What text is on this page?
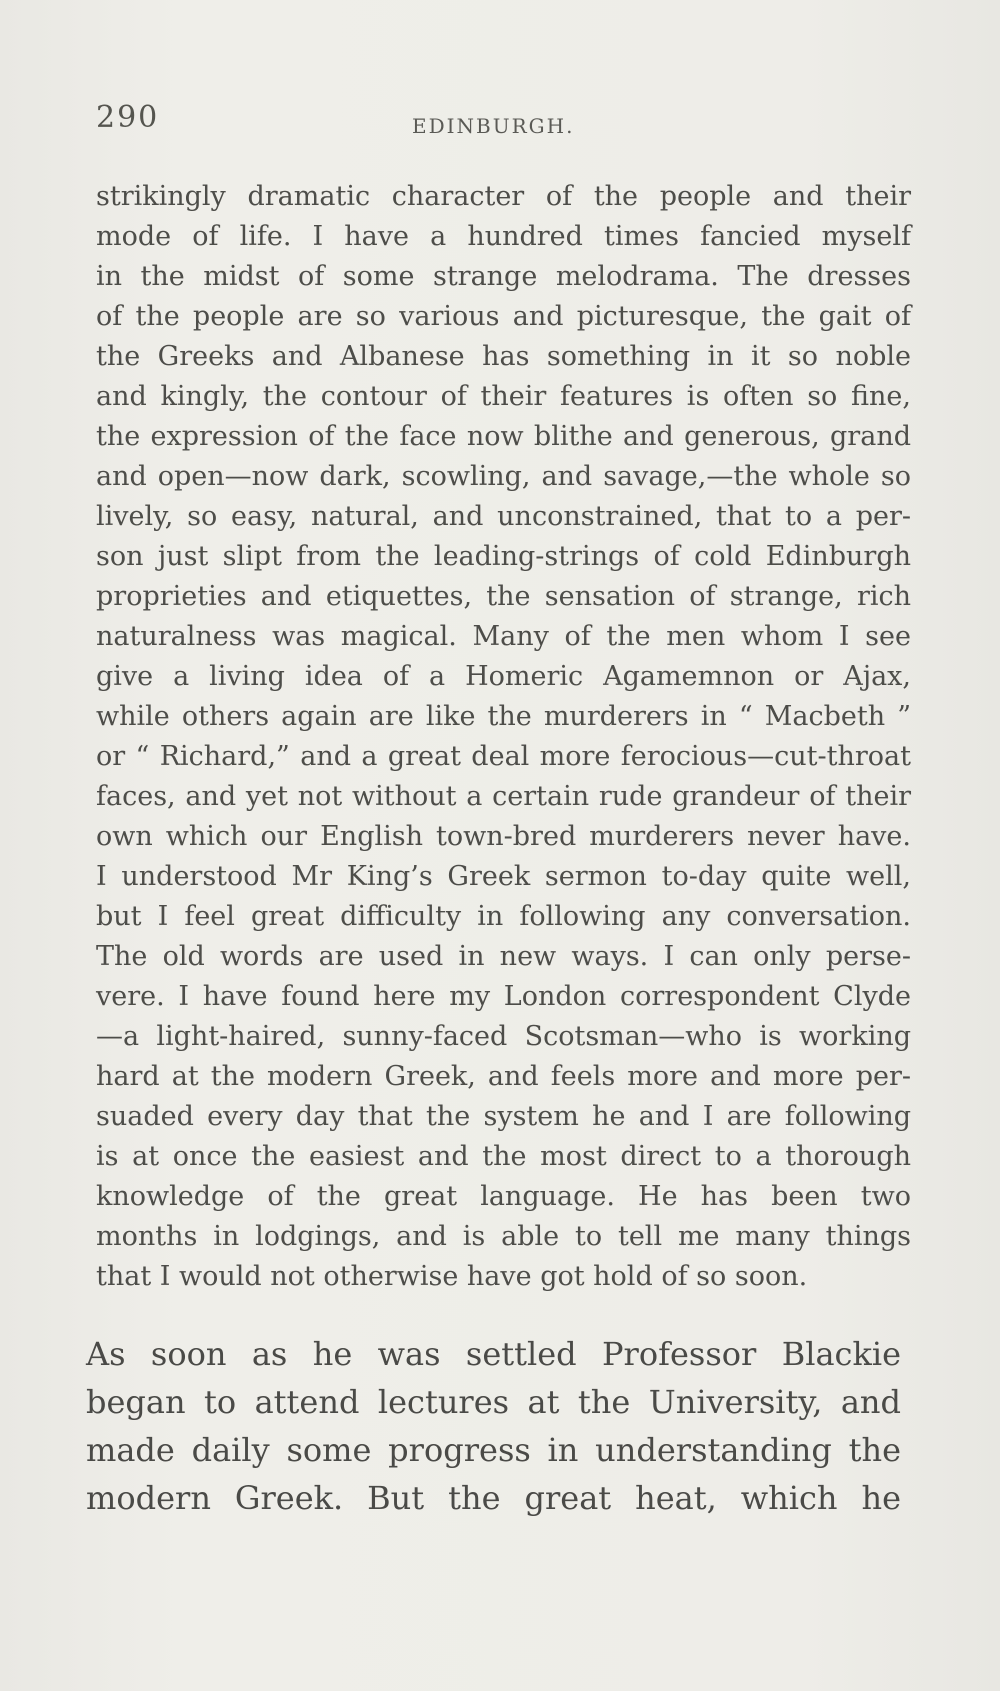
290	EDINBURGH.
strikingly dramatic character of the people and their
mode of life. I have a hundred times fancied myself
in the midst of some strange melodrama. The dresses
of the people are so various and picturesque, the gait of
the Greeks and Albanese has something in it so noble
and kingly, the contour of their features is often so fine,
the expression of the face now blithe and generous, grand
and open—now dark, scowling, and savage,—the whole so
lively, so easy, natural, and unconstrained, that to a per-
son just slipt from the leading-strings of cold Edinburgh
proprieties and etiquettes, the sensation of strange, rich
naturalness was magical. Many of the men whom I see
give a living idea of a Homeric Agamemnon or Ajax,
while others again are like the murderers in “ Macbeth ”
or “ Richard,” and a great deal more ferocious—cut-throat
faces, and yet not without a certain rude grandeur of their
own which our English town-bred murderers never have.
I understood Mr King’s Greek sermon to-day quite well,
but I feel great difficulty in following any conversation.
The old words are used in new ways. I can only perse-
vere. I have found here my London correspondent Clyde
—a light-haired, sunny-faced Scotsman—who is working
hard at the modern Greek, and feels more and more per-
suaded every day that the system he and I are following
is at once the easiest and the most direct to a thorough
knowledge of the great language. He has been two
months in lodgings, and is able to tell me many things
that I would not otherwise have got hold of so soon.
As soon as he was settled Professor Blackie
began to attend lectures at the University, and
made daily some progress in understanding the
modern Greek. But the great heat, which he
